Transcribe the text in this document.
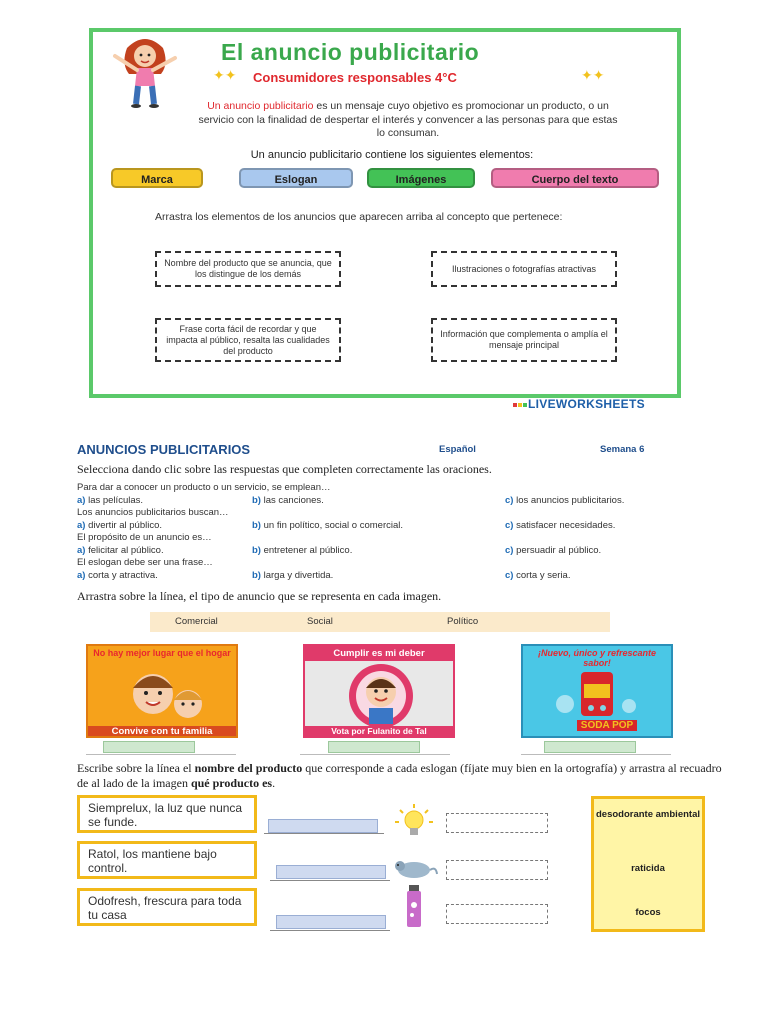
El anuncio publicitario
✦✦ Consumidores responsables 4°C	✦✦
Un anuncio publicitario es un mensaje cuyo objetivo es promocionar un producto, o un servicio con la finalidad de despertar el interés y convencer a las personas para que estas lo consuman.
Un anuncio publicitario contiene los siguientes elementos:
Marca	Eslogan	Imágenes	Cuerpo del texto
Arrastra los elementos de los anuncios que aparecen arriba al concepto que pertenece:
Nombre del producto que se anuncia, que los distingue de los demás
Ilustraciones o fotografías atractivas
Frase corta fácil de recordar y que impacta al público, resalta las cualidades del producto
Información que complementa o amplía el mensaje principal
LIVEWORKSHEETS
ANUNCIOS PUBLICITARIOS	Español	Semana 6
Selecciona dando clic sobre las respuestas que completen correctamente las oraciones.
Para dar a conocer un producto o un servicio, se emplean…
a) las películas.	b) las canciones.	c) los anuncios publicitarios.
Los anuncios publicitarios buscan…
a) divertir al público.	b) un fin político, social o comercial.	c) satisfacer necesidades.
El propósito de un anuncio es…
a) felicitar al público.	b) entretener al público.	c) persuadir al público.
El eslogan debe ser una frase…
a) corta y atractiva.	b) larga y divertida.	c) corta y seria.
Arrastra sobre la línea, el tipo de anuncio que se representa en cada imagen.
Comercial	Social	Político
No hay mejor lugar que el hogar
Convive con tu familia
Cumplir es mi deber
Vota por Fulanito de Tal
¡Nuevo, único y refrescante sabor!
SODA POP
Escribe sobre la línea el nombre del producto que corresponde a cada eslogan (fíjate muy bien en la ortografía) y arrastra al recuadro de al lado de la imagen qué producto es.
Siemprelux, la luz que nunca se funde.
Ratol, los mantiene bajo control.
Odofresh, frescura para toda tu casa
desodorante ambiental
raticida
focos
